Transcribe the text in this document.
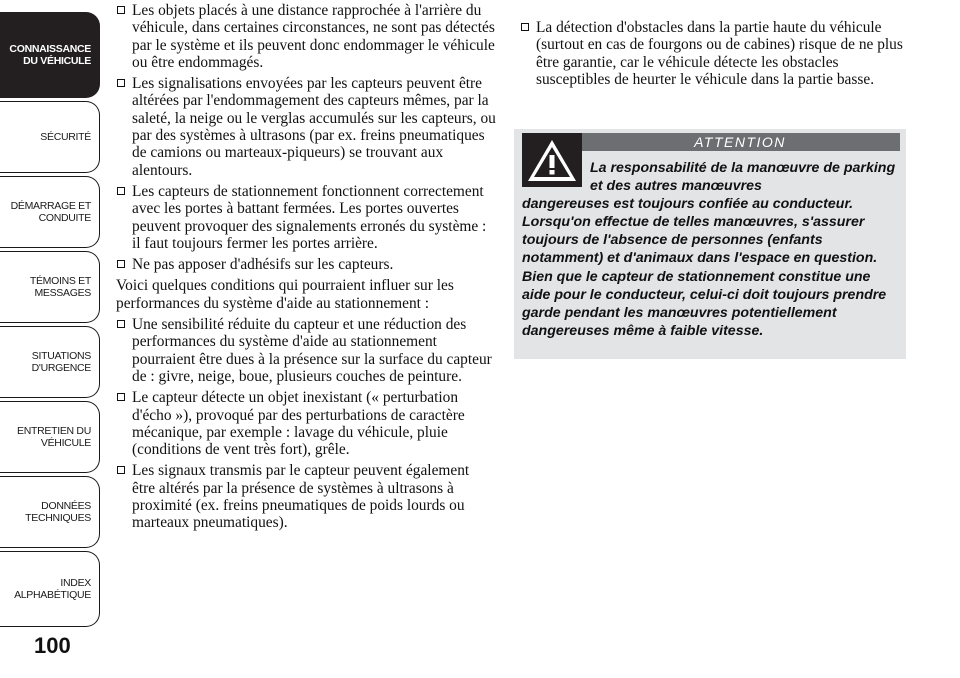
CONNAISSANCE
DU VÉHICULE
SÉCURITÉ
DÉMARRAGE ET
CONDUITE
TÉMOINS ET
MESSAGES
SITUATIONS
D'URGENCE
ENTRETIEN DU
VÉHICULE
DONNÉES
TECHNIQUES
INDEX
ALPHABÉTIQUE
100
Les objets placés à une distance rapprochée à l'arrière du véhicule, dans certaines circonstances, ne sont pas détectés par le système et ils peuvent donc endommager le véhicule ou être endommagés.
Les signalisations envoyées par les capteurs peuvent être altérées par l'endommagement des capteurs mêmes, par la saleté, la neige ou le verglas accumulés sur les capteurs, ou par des systèmes à ultrasons (par ex. freins pneumatiques de camions ou marteaux-piqueurs) se trouvant aux alentours.
Les capteurs de stationnement fonctionnent correctement avec les portes à battant fermées. Les portes ouvertes peuvent provoquer des signalements erronés du système : il faut toujours fermer les portes arrière.
Ne pas apposer d'adhésifs sur les capteurs.

Voici quelques conditions qui pourraient influer sur les performances du système d'aide au stationnement :

Une sensibilité réduite du capteur et une réduction des performances du système d'aide au stationnement pourraient être dues à la présence sur la surface du capteur de : givre, neige, boue, plusieurs couches de peinture.
Le capteur détecte un objet inexistant (« perturbation d'écho »), provoqué par des perturbations de caractère mécanique, par exemple : lavage du véhicule, pluie (conditions de vent très fort), grêle.
Les signaux transmis par le capteur peuvent également être altérés par la présence de systèmes à ultrasons à proximité (ex. freins pneumatiques de poids lourds ou marteaux pneumatiques).
La détection d'obstacles dans la partie haute du véhicule (surtout en cas de fourgons ou de cabines) risque de ne plus être garantie, car le véhicule détecte les obstacles susceptibles de heurter le véhicule dans la partie basse.
ATTENTION
La responsabilité de la manœuvre de parking et des autres manœuvres
dangereuses est toujours confiée au conducteur. Lorsqu'on effectue de telles manœuvres, s'assurer toujours de l'absence de personnes (enfants notamment) et d'animaux dans l'espace en question. Bien que le capteur de stationnement constitue une aide pour le conducteur, celui-ci doit toujours prendre garde pendant les manœuvres potentiellement dangereuses même à faible vitesse.
